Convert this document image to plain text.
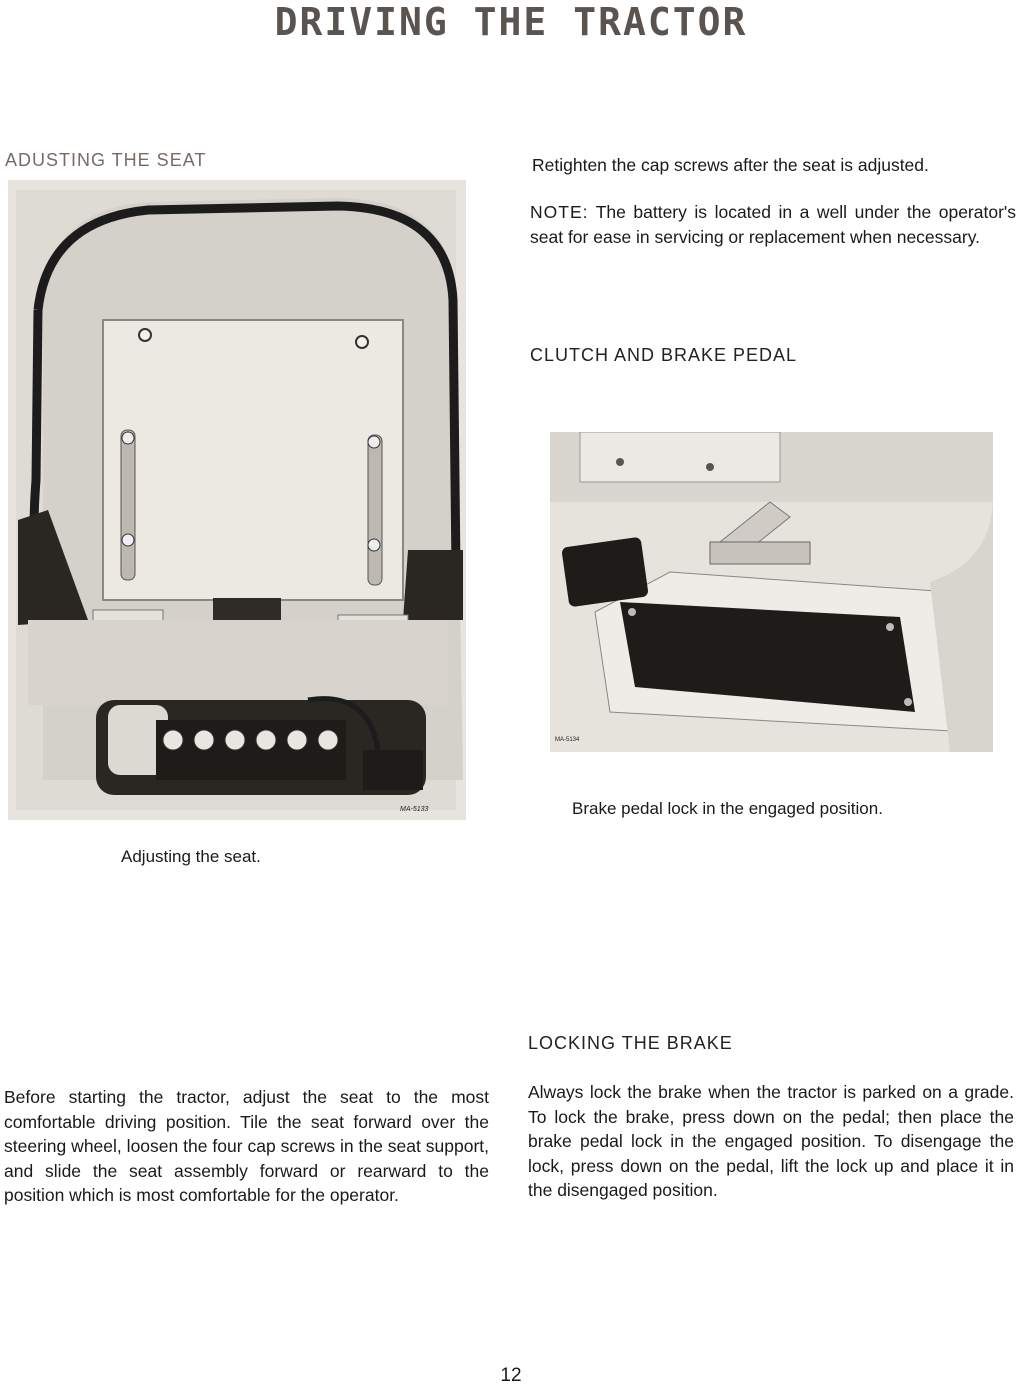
DRIVING THE TRACTOR
ADUSTING THE SEAT
MA-5133
Adjusting the seat.
Before starting the tractor, adjust the seat to the most comfortable driving position. Tile the seat forward over the steering wheel, loosen the four cap screws in the seat support, and slide the seat assembly forward or rearward to the position which is most comfortable for the operator.
Retighten the cap screws after the seat is adjusted.
NOTE: The battery is located in a well under the operator's seat for ease in servicing or replacement when necessary.
CLUTCH AND BRAKE PEDAL
MA-5134
Brake pedal lock in the engaged position.
LOCKING THE BRAKE
Always lock the brake when the tractor is parked on a grade. To lock the brake, press down on the pedal; then place the brake pedal lock in the engaged position. To disengage the lock, press down on the pedal, lift the lock up and place it in the disengaged position.
12
